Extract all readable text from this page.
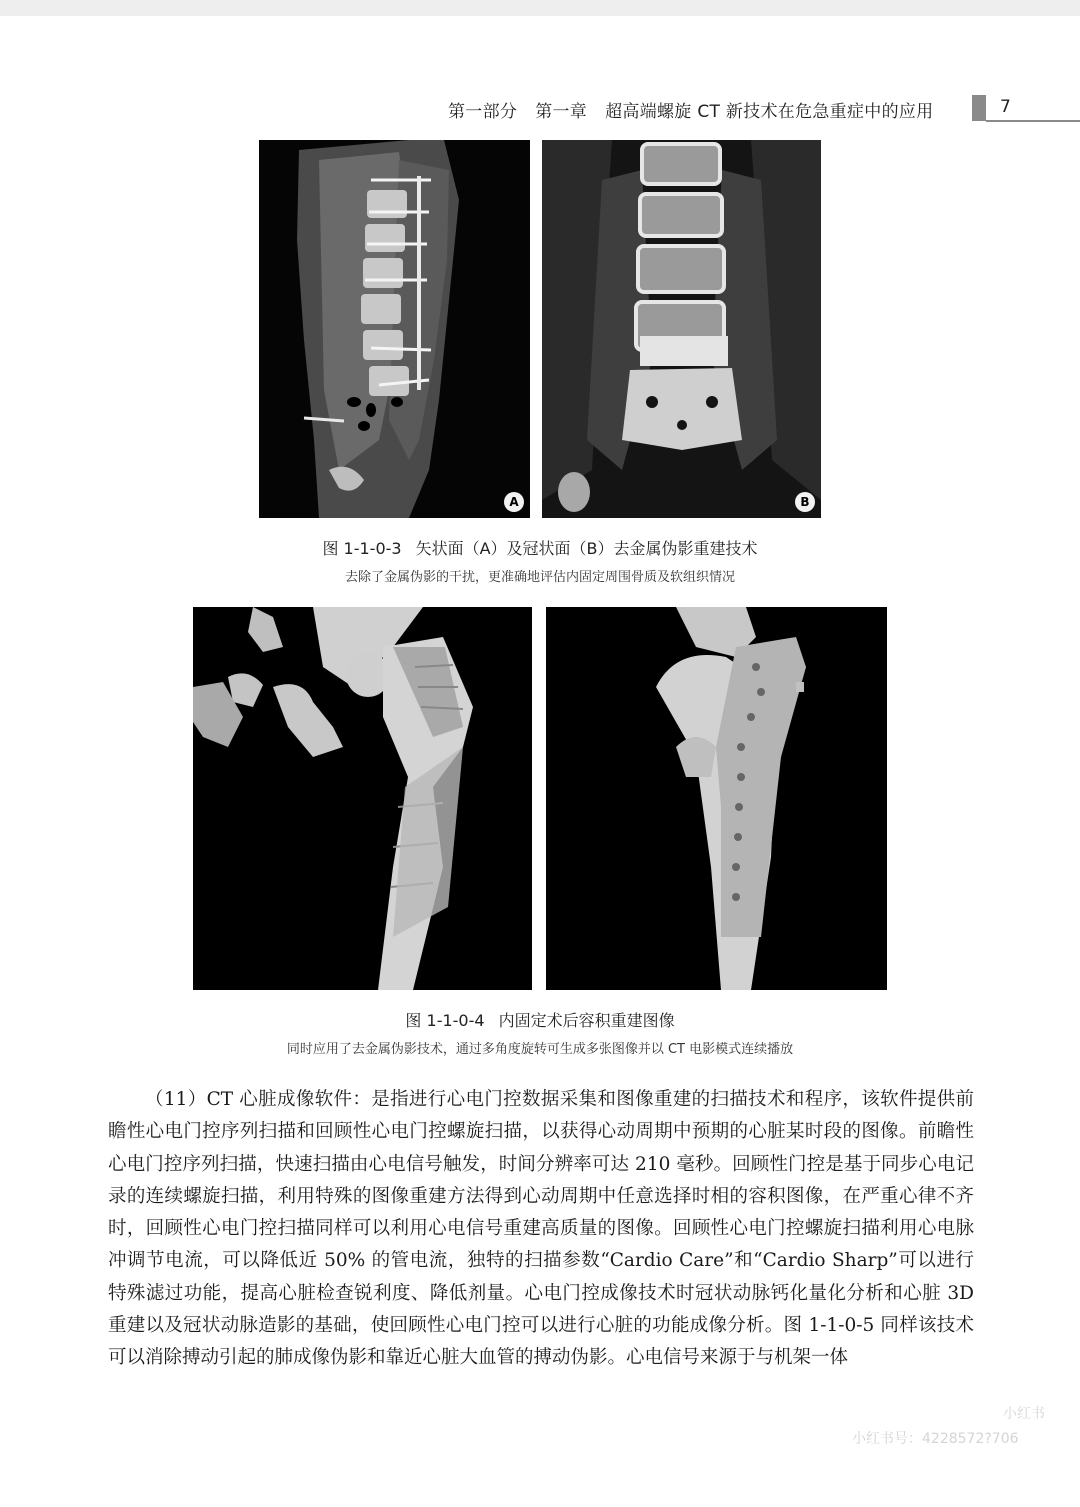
第一部分 第一章 超高端螺旋 CT 新技术在危急重症中的应用	7
A	B
图 1-1-0-3 矢状面（A）及冠状面（B）去金属伪影重建技术
去除了金属伪影的干扰，更准确地评估内固定周围骨质及软组织情况
图 1-1-0-4 内固定术后容积重建图像
同时应用了去金属伪影技术，通过多角度旋转可生成多张图像并以 CT 电影模式连续播放

（11）CT 心脏成像软件：是指进行心电门控数据采集和图像重建的扫描技术和程序，该软件提供前瞻性心电门控序列扫描和回顾性心电门控螺旋扫描，以获得心动周期中预期的心脏某时段的图像。前瞻性心电门控序列扫描，快速扫描由心电信号触发，时间分辨率可达 210 毫秒。回顾性门控是基于同步心电记录的连续螺旋扫描，利用特殊的图像重建方法得到心动周期中任意选择时相的容积图像，在严重心律不齐时，回顾性心电门控扫描同样可以利用心电信号重建高质量的图像。回顾性心电门控螺旋扫描利用心电脉冲调节电流，可以降低近 50% 的管电流，独特的扫描参数“Cardio Care”和“Cardio Sharp”可以进行特殊滤过功能，提高心脏检查锐利度、降低剂量。心电门控成像技术时冠状动脉钙化量化分析和心脏 3D 重建以及冠状动脉造影的基础，使回顾性心电门控可以进行心脏的功能成像分析。图 1-1-0-5 同样该技术可以消除搏动引起的肺成像伪影和靠近心脏大血管的搏动伪影。心电信号来源于与机架一体

小红书
小红书号：4228572?706
